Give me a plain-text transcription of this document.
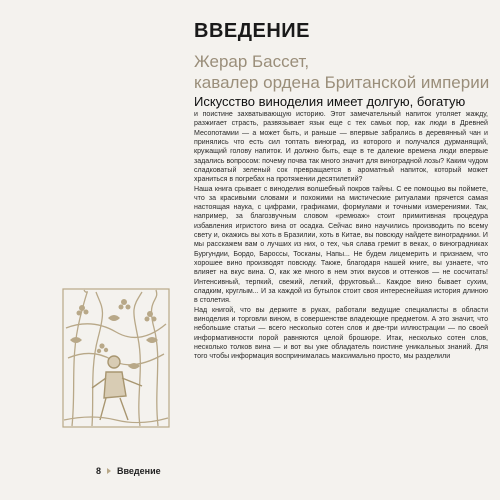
ВВЕДЕНИЕ
Жерар Бассет,
кавалер ордена Британской империи
Искусство виноделия имеет долгую, богатую

и поистине захватывающую историю. Этот замечательный напиток утоляет жажду, разжигает страсть, развязывает язык еще с тех самых пор, как люди в Древней Месопотамии — а может быть, и раньше — впервые забрались в деревянный чан и принялись что есть сил топтать виноград, из которого и получался дурманящий, кружащий голову напиток. И должно быть, еще в те далекие времена люди впервые задались вопросом: почему почва так много значит для виноградной лозы? Каким чудом сладковатый зеленый сок превращается в ароматный напиток, который может храниться в погребах на протяжении десятилетий?

Наша книга срывает с виноделия волшебный покров тайны. С ее помощью вы поймете, что за красивыми словами и похожими на мистические ритуалами прячется самая настоящая наука, с цифрами, графиками, формулами и точными измерениями. Так, например, за благозвучным словом «ремюаж» стоит примитивная процедура избавления игристого вина от осадка. Сейчас вино научились производить по всему свету и, окажись вы хоть в Бразилии, хоть в Китае, вы повсюду найдете виноградники. И мы расскажем вам о лучших из них, о тех, чья слава гремит в веках, о виноградниках Бургундии, Бордо, Бароссы, Тосканы, Напы... Не будем лицемерить и признаем, что хорошее вино производят повсюду. Также, благодаря нашей книге, вы узнаете, что влияет на вкус вина. О, как же много в нем этих вкусов и оттенков — не сосчитать! Интенсивный, терпкий, свежий, легкий, фруктовый... Каждое вино бывает сухим, сладким, круглым... И за каждой из бутылок стоит своя интереснейшая история длиною в столетия.

Над книгой, что вы держите в руках, работали ведущие специалисты в области виноделия и торговли вином, в совершенстве владеющие предметом. А это значит, что небольшие статьи — всего несколько сотен слов и две-три иллюстрации — по своей информативности порой равняются целой брошюре. Итак, несколько сотен слов, несколько толков вина — и вот вы уже обладатель поистине уникальных знаний. Для того чтобы информация воспринималась максимально просто, мы разделили

8 Введение
